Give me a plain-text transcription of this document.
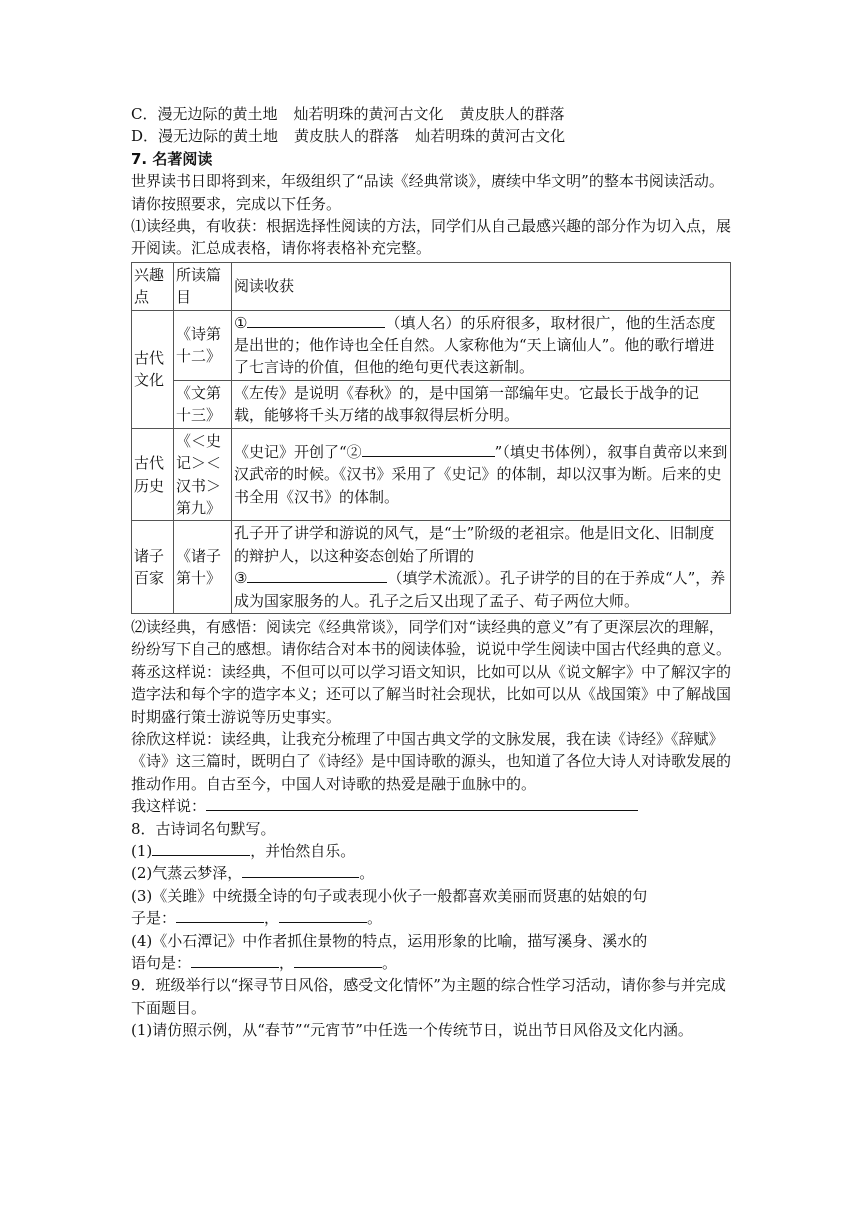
C．漫无边际的黄土地 灿若明珠的黄河古文化 黄皮肤人的群落
D．漫无边际的黄土地 黄皮肤人的群落 灿若明珠的黄河古文化
7. 名著阅读
世界读书日即将到来，年级组织了“品读《经典常谈》，赓续中华文明”的整本书阅读活动。请你按照要求，完成以下任务。
⑴读经典，有收获：根据选择性阅读的方法，同学们从自己最感兴趣的部分作为切入点，展开阅读。汇总成表格，请你将表格补充完整。
兴趣点	所读篇目	阅读收获
古代文化	《诗第十二》	① （填人名）的乐府很多，取材很广，他的生活态度是出世的；他作诗也全任自然。人家称他为“天上谪仙人”。他的歌行增进了七言诗的价值，但他的绝句更代表这新制。
	《文第十三》	《左传》是说明《春秋》的，是中国第一部编年史。它最长于战争的记载，能够将千头万绪的战事叙得层析分明。
古代历史	《＜史记＞＜汉书＞第九》	《史记》开创了“② ”（填史书体例），叙事自黄帝以来到汉武帝的时候。《汉书》采用了《史记》的体制，却以汉事为断。后来的史书全用《汉书》的体制。
诸子百家	《诸子第十》	孔子开了讲学和游说的风气，是“士”阶级的老祖宗。他是旧文化、旧制度的辩护人，以这种姿态创始了所谓的
③ （填学术流派）。孔子讲学的目的在于养成“人”，养成为国家服务的人。孔子之后又出现了孟子、荀子两位大师。
⑵读经典，有感悟：阅读完《经典常谈》，同学们对“读经典的意义”有了更深层次的理解，纷纷写下自己的感想。请你结合对本书的阅读体验，说说中学生阅读中国古代经典的意义。
蒋丞这样说：读经典，不但可以可以学习语文知识，比如可以从《说文解字》中了解汉字的造字法和每个字的造字本义；还可以了解当时社会现状，比如可以从《战国策》中了解战国时期盛行策士游说等历史事实。
徐欣这样说：读经典，让我充分梳理了中国古典文学的文脉发展，我在读《诗经》《辞赋》《诗》这三篇时，既明白了《诗经》是中国诗歌的源头，也知道了各位大诗人对诗歌发展的推动作用。自古至今，中国人对诗歌的热爱是融于血脉中的。
我这样说：
8．古诗词名句默写。
(1)	，并怡然自乐。
(2)气蒸云梦泽，	。
(3)《关雎》中统摄全诗的句子或表现小伙子一般都喜欢美丽而贤惠的姑娘的句
子是：	，	。
(4)《小石潭记》中作者抓住景物的特点，运用形象的比喻，描写溪身、溪水的
语句是：	，	。
9．班级举行以“探寻节日风俗，感受文化情怀”为主题的综合性学习活动，请你参与并完成下面题目。
(1)请仿照示例，从“春节”“元宵节”中任选一个传统节日，说出节日风俗及文化内涵。
